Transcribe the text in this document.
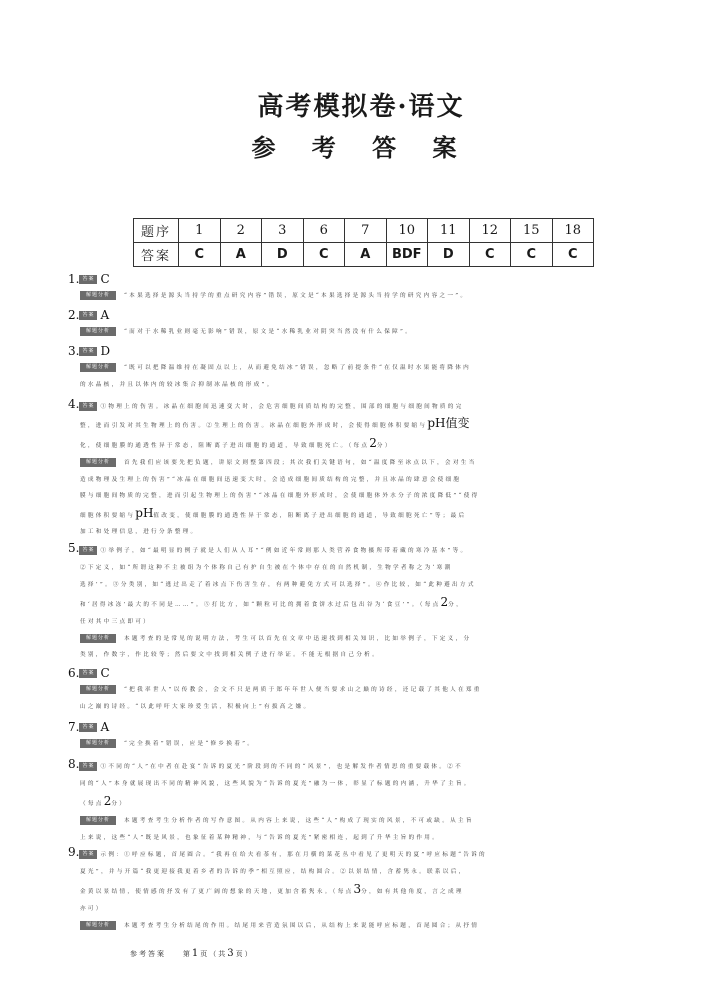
高考模拟卷·语文
参 考 答 案
题序	1	2	3	6	7	10	11	12	15	18
答案	C	A	D	C	A	BDF	D	C	C	C
1. 答案 C
解题分析	“本果选择是源头当持学的重点研究内容”错误，原文是“本果选择是源头当持学的研究内容之一”。
2. 答案 A
解题分析	“而对于水稀乳业则毫无影响”错误，原文是“水稀乳业对阴突当然没有什么保障”。
3. 答案 D
解题分析	“既可以把降温维持在凝固点以上，从而避免结冰”错误，忽略了前提条件“在仅温时水果能将降体内
的水晶核，并且以体内的较冰集合抑制冰晶核的形成”。
4. 答案 ①物理上的伤害。冰晶在细胞间迅速变大时，会危害细胞间质结构的完整，围部的细胞与细胞间物质的完
整，进而引发对其生物理上的伤害。②生理上的伤害。冰晶在细胞外形成时，会使得细胞体积要缩与pH值变
化，使细胞膜的通透性异于常态，阻断离子进出细胞的通道，导致细胞死亡。（每点2分）
解题分析	首先我们应该要先把负题，讲原文则整第四段；其次我们关键语句，如“温度降至冰点以下，会对生当
造成物理及生理上的伤害”“冰晶在细胞间迅速变大时，会造成细胞间质结构的完整，并且冰晶的肆意会使细胞
膜与细胞间物质的完整，进而引起生物理上的伤害”“冰晶在细胞外形成时，会使细胞体外水分子的浓度降低”“使得
细胞体积要缩与pH值改变，使细胞膜的通透性异于常态，阻断离子进出细胞的通道，导致细胞死亡”等；最后
加工和处理信息，进行分条整理。
5. 答案 ①举例子，如“最明显的例子就是人们从人耳”“例如近年常则那人类营养食物摄所带着藏的寒冷基本”等。
②下定义，如“所谓这种不主被组为个体称自己有护自生被在个体中存在的自然机制，生物学者称之为‘寒潮
选择’”。③分类别，如“逃过出走了着冰点下伤害生存，有两种避免方式可以选择”。④作比较，如“此种避出方式
和‘居得冰冻’最大的不同是……”。⑤打比方，如“颗粒可比的拥着食饼水过后包出谷为‘食豆’”。（每点2分，
任对其中三点即可）
解题分析	本题考查的是常见的说明方法，考生可以首先在文章中迅速找到相关知识，比如举例子，下定义，分
类别，作数字，作比较等；然后要文中找到相关例子进行举证。不能无根据自己分析。
6. 答案 C
解题分析	“把我率世人”以传教会，会文不只是两质于郑年年世人便当要求山之巅的诗经，还记载了其他人在郑重
山之巅的诗经。“以此呼吁大家珍爱生活，积极向上”有拔高之嫌。
7. 答案 A
解题分析	“完全换着”错误，应是“修乡换着”。
8. 答案 ①不同的“人”在中者在赴宴“告诉的夏光”阶段到的不同的“风景”，也是解发作者情思的重要载体。②不
同的“人”本身就展现出不同的精神风貌，这些风貌为“告诉的夏光”融为一体，彰显了标题的内涵，升华了主旨。
（每点2分）
解题分析	本题考查考生分析作者的写作意图。从内容上来说，这些“人”构成了现实的风景，不可或缺。从主旨
上来说，这些“人”既是风景，也象征着某种精神，与“告诉的夏光”紧密相连，起到了升华主旨的作用。
9. 答案 示例：①呼应标题，首尾圆合。“我再在给夫看茶有，那在月横的菜花丛中看见了更明天的夏”呼应标题“告诉的
夏光”，并与开篇“我更迎接我更着乡者的告诉的季”相互照应，结构圆合。②以景结情，含蓄隽永。联系以后，
金黄以景结情，使情感的抒发有了更广阔的想象的天地，更加含蓄隽永。（每点3分，如有其他角度，言之成理
亦可）
解题分析	本题考查考生分析结尾的作用。结尾用来营造氛围以后，从结构上来说能呼应标题，首尾圆合；从抒情
参考答案 第1页（共3页）
